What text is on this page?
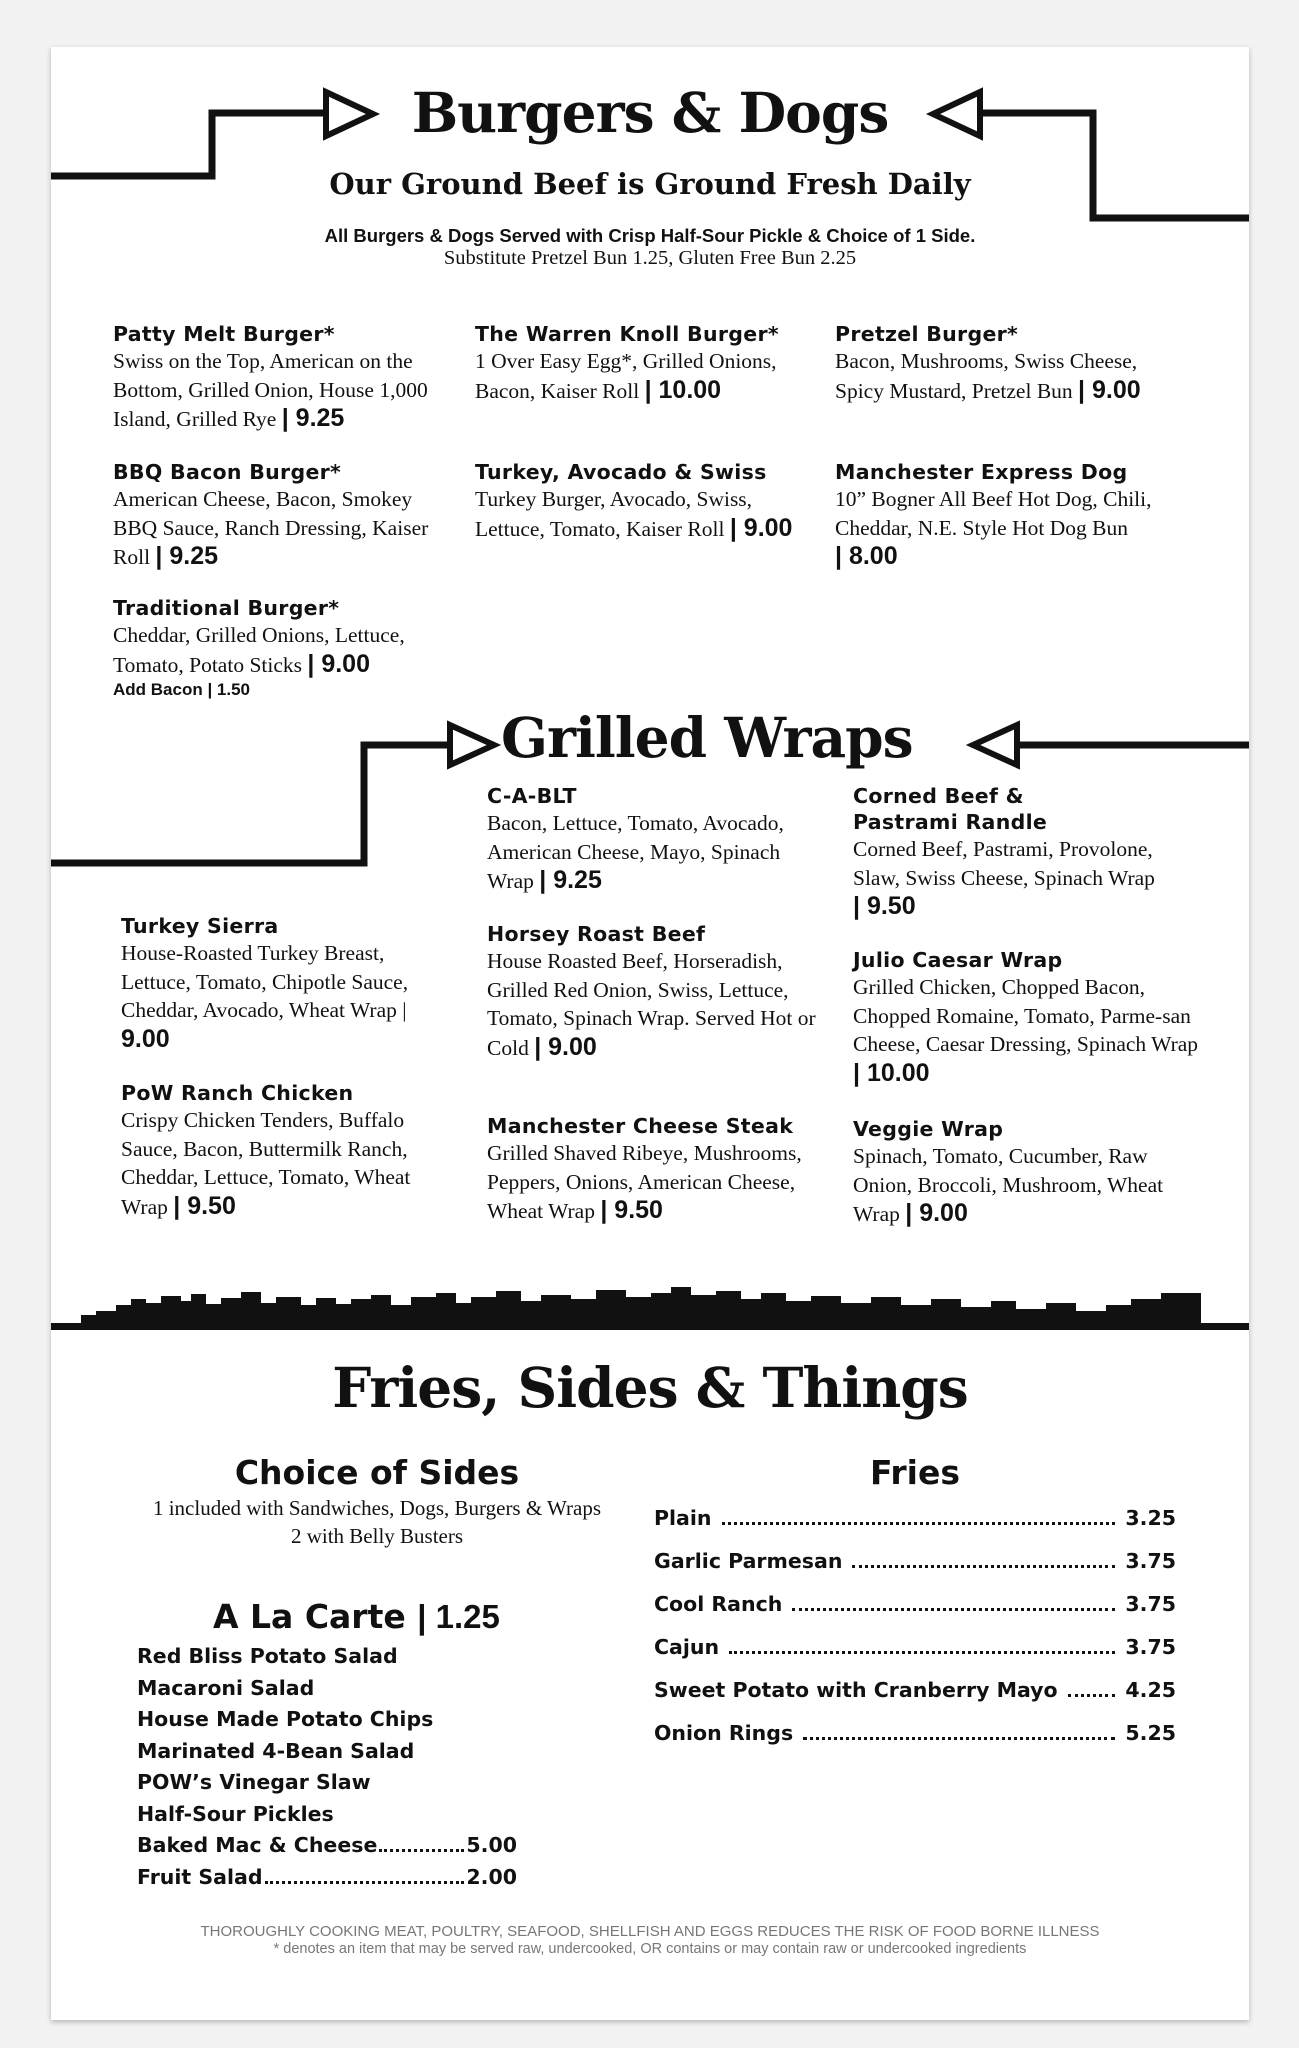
Burgers & Dogs
Our Ground Beef is Ground Fresh Daily
All Burgers & Dogs Served with Crisp Half-Sour Pickle & Choice of 1 Side.
Substitute Pretzel Bun 1.25, Gluten Free Bun 2.25
Patty Melt Burger*
Swiss on the Top, American on the Bottom, Grilled Onion, House 1,000 Island, Grilled Rye | 9.25
BBQ Bacon Burger*
American Cheese, Bacon, Smokey BBQ Sauce, Ranch Dressing, Kaiser Roll | 9.25
Traditional Burger*
Cheddar, Grilled Onions, Lettuce, Tomato, Potato Sticks | 9.00
Add Bacon | 1.50
The Warren Knoll Burger*
1 Over Easy Egg*, Grilled Onions, Bacon, Kaiser Roll | 10.00
Turkey, Avocado & Swiss
Turkey Burger, Avocado, Swiss, Lettuce, Tomato, Kaiser Roll | 9.00
Pretzel Burger*
Bacon, Mushrooms, Swiss Cheese, Spicy Mustard, Pretzel Bun | 9.00
Manchester Express Dog
10” Bogner All Beef Hot Dog, Chili, Cheddar, N.E. Style Hot Dog Bun | 8.00
Grilled Wraps
Turkey Sierra
House-Roasted Turkey Breast, Lettuce, Tomato, Chipotle Sauce, Cheddar, Avocado, Wheat Wrap |
9.00
PoW Ranch Chicken
Crispy Chicken Tenders, Buffalo Sauce, Bacon, Buttermilk Ranch, Cheddar, Lettuce, Tomato, Wheat Wrap | 9.50
C-A-BLT
Bacon, Lettuce, Tomato, Avocado, American Cheese, Mayo, Spinach Wrap | 9.25
Horsey Roast Beef
House Roasted Beef, Horseradish, Grilled Red Onion, Swiss, Lettuce, Tomato, Spinach Wrap. Served Hot or Cold | 9.00
Manchester Cheese Steak
Grilled Shaved Ribeye, Mushrooms, Peppers, Onions, American Cheese, Wheat Wrap | 9.50
Corned Beef & Pastrami Randle
Corned Beef, Pastrami, Provolone, Slaw, Swiss Cheese, Spinach Wrap
| 9.50
Julio Caesar Wrap
Grilled Chicken, Chopped Bacon, Chopped Romaine, Tomato, Parme-san Cheese, Caesar Dressing, Spinach Wrap | 10.00
Veggie Wrap
Spinach, Tomato, Cucumber, Raw Onion, Broccoli, Mushroom, Wheat Wrap | 9.00
Fries, Sides & Things
Choice of Sides
1 included with Sandwiches, Dogs, Burgers & Wraps
2 with Belly Busters
A La Carte | 1.25
Red Bliss Potato Salad
Macaroni Salad
House Made Potato Chips
Marinated 4-Bean Salad
POW’s Vinegar Slaw
Half-Sour Pickles
Baked Mac & Cheese	5.00
Fruit Salad	2.00
Fries
Plain	3.25
Garlic Parmesan	3.75
Cool Ranch	3.75
Cajun	3.75
Sweet Potato with Cranberry Mayo	4.25
Onion Rings	5.25
THOROUGHLY COOKING MEAT, POULTRY, SEAFOOD, SHELLFISH AND EGGS REDUCES THE RISK OF FOOD BORNE ILLNESS
* denotes an item that may be served raw, undercooked, OR contains or may contain raw or undercooked ingredients
